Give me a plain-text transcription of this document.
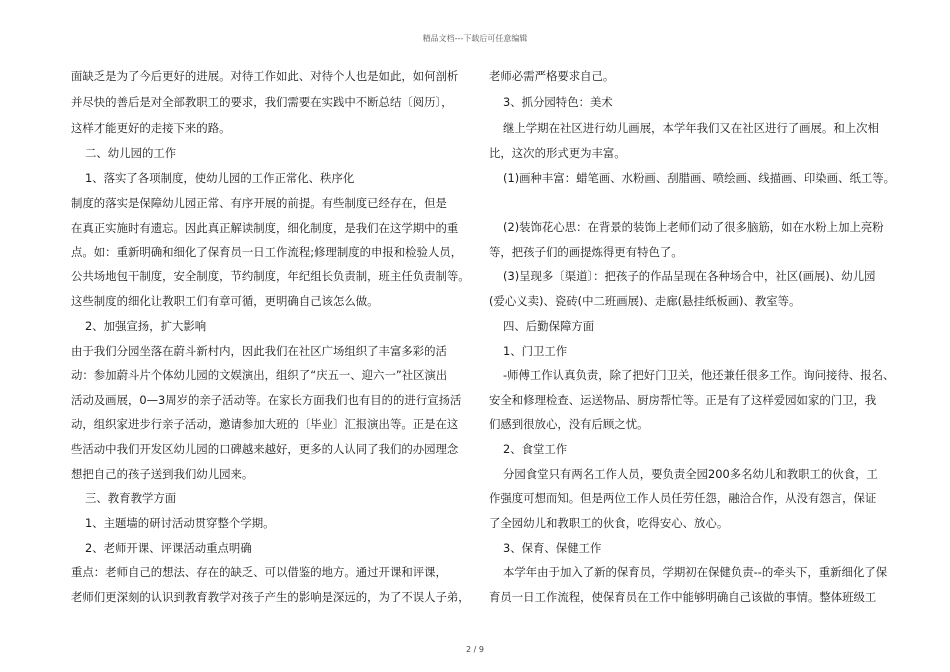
精品文档---下载后可任意编辑
面缺乏是为了今后更好的进展。对待工作如此、对待个人也是如此，如何剖析
并尽快的善后是对全部教职工的要求，我们需要在实践中不断总结〔阅历〕，
这样才能更好的走接下来的路。
二、幼儿园的工作
1、落实了各项制度，使幼儿园的工作正常化、秩序化
制度的落实是保障幼儿园正常、有序开展的前提。有些制度已经存在，但是
在真正实施时有遗忘。因此真正解读制度，细化制度，是我们在这学期中的重
点。如：重新明确和细化了保育员一日工作流程;修理制度的申报和检验人员，
公共场地包干制度，安全制度，节约制度，年纪组长负责制，班主任负责制等。
这些制度的细化让教职工们有章可循，更明确自己该怎么做。
2、加强宣扬，扩大影响
由于我们分园坐落在蔚斗新村内，因此我们在社区广场组织了丰富多彩的活
动：参加蔚斗片个体幼儿园的文娱演出，组织了“庆五一、迎六一”社区演出
活动及画展，0—3周岁的亲子活动等。在家长方面我们也有目的的进行宣扬活
动，组织家进步行亲子活动，邀请参加大班的〔毕业〕汇报演出等。正是在这
些活动中我们开发区幼儿园的口碑越来越好，更多的人认同了我们的办园理念
想把自己的孩子送到我们幼儿园来。
三、教育教学方面
1、主题墙的研讨活动贯穿整个学期。
2、老师开课、评课活动重点明确
重点：老师自己的想法、存在的缺乏、可以借鉴的地方。通过开课和评课，
老师们更深刻的认识到教育教学对孩子产生的影响是深远的，为了不误人子弟，
老师必需严格要求自己。
3、抓分园特色：美术
继上学期在社区进行幼儿画展，本学年我们又在社区进行了画展。和上次相
比，这次的形式更为丰富。
(1)画种丰富：蜡笔画、水粉画、刮腊画、喷绘画、线描画、印染画、纸工等。
(2)装饰花心思：在背景的装饰上老师们动了很多脑筋，如在水粉上加上亮粉
等，把孩子们的画提炼得更有特色了。
(3)呈现多〔渠道〕：把孩子的作品呈现在各种场合中，社区(画展)、幼儿园
(爱心义卖)、瓷砖(中二班画展)、走廊(悬挂纸板画)、教室等。
四、后勤保障方面
1、门卫工作
-师傅工作认真负责，除了把好门卫关，他还兼任很多工作。询问接待、报名、
安全和修理检查、运送物品、厨房帮忙等。正是有了这样爱园如家的门卫，我
们感到很放心，没有后顾之忧。
2、食堂工作
分园食堂只有两名工作人员，要负责全园200多名幼儿和教职工的伙食，工
作强度可想而知。但是两位工作人员任劳任怨，融洽合作，从没有怨言，保证
了全园幼儿和教职工的伙食，吃得安心、放心。
3、保育、保健工作
本学年由于加入了新的保育员，学期初在保健负责--的牵头下，重新细化了保
育员一日工作流程，使保育员在工作中能够明确自己该做的事情。整体班级工
2 / 9
